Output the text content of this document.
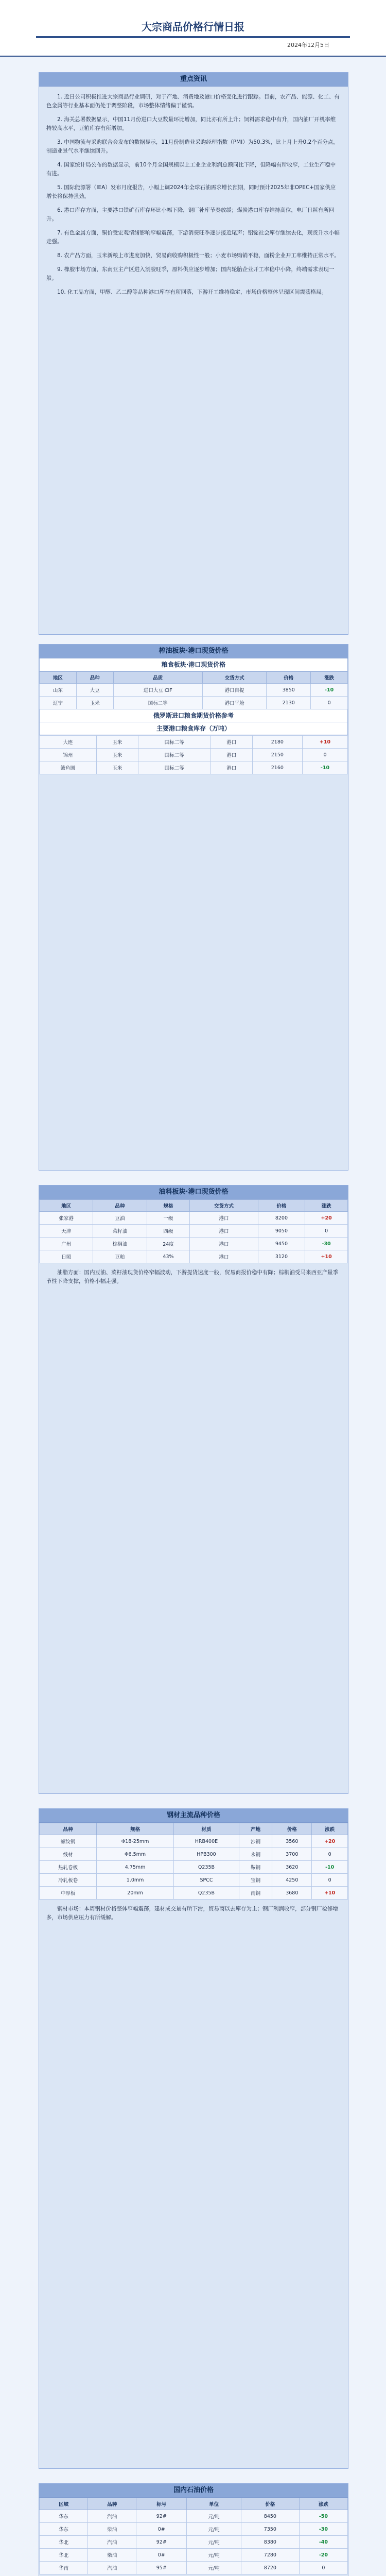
大宗商品价格行情日报
2024年12月5日
重点资讯

1. 近日公司积极推进大宗商品行业调研，对于产地、消费地及港口价格变化进行跟踪。目前，农产品、能源、化工、有色金属等行业基本面仍处于调整阶段，市场整体情绪偏于谨慎。

2. 海关总署数据显示，中国11月份进口大豆数量环比增加，同比亦有所上升；饲料需求稳中有升，国内油厂开机率维持较高水平，豆粕库存有所增加。

3. 中国物流与采购联合会发布的数据显示，11月份制造业采购经理指数（PMI）为50.3%，比上月上升0.2个百分点，制造业景气水平继续回升。

4. 国家统计局公布的数据显示，前10个月全国规模以上工业企业利润总额同比下降，但降幅有所收窄，工业生产稳中有进。

5. 国际能源署（IEA）发布月度报告，小幅上调2024年全球石油需求增长预期，同时预计2025年非OPEC+国家供应增长将保持强劲。

6. 港口库存方面，主要港口铁矿石库存环比小幅下降，钢厂补库节奏放缓；煤炭港口库存维持高位，电厂日耗有所回升。

7. 有色金属方面，铜价受宏观情绪影响窄幅震荡，下游消费旺季逐步接近尾声；铝锭社会库存继续去化，现货升水小幅走强。

8. 农产品方面，玉米新粮上市进度加快，贸易商收购积极性一般；小麦市场购销平稳，面粉企业开工率维持正常水平。

9. 橡胶市场方面，东南亚主产区进入割胶旺季，原料供应逐步增加；国内轮胎企业开工率稳中小降，终端需求表现一般。

10. 化工品方面，甲醇、乙二醇等品种港口库存有所回落，下游开工维持稳定，市场价格整体呈现区间震荡格局。

榨油板块·港口现货价格
粮食板块·港口现货价格
地区	品种	品质	交货方式	价格	涨跌
山东	大豆	进口大豆 CIF	港口自提	3850	-10
辽宁	玉米	国标二等	港口平舱	2130	0
俄罗斯进口粮食期货价格参考
主要港口粮食库存（万吨）
大连	玉米	国标二等	港口	2180	+10
锦州	玉米	国标二等	港口	2150	0
鲅鱼圈	玉米	国标二等	港口	2160	-10
油料板块·港口现货价格
地区	品种	规格	交货方式	价格	涨跌
张家港	豆油	一级	港口	8200	+20
天津	菜籽油	四级	港口	9050	0
广州	棕榈油	24度	港口	9450	-30
日照	豆粕	43%	港口	3120	+10

油脂方面：国内豆油、菜籽油现货价格窄幅波动，下游提货速度一般，贸易商报价稳中有降；棕榈油受马来西亚产量季节性下降支撑，价格小幅走强。

钢材主流品种价格
品种	规格	材质	产地	价格	涨跌
螺纹钢	Φ18-25mm	HRB400E	沙钢	3560	+20
线材	Φ6.5mm	HPB300	永钢	3700	0
热轧卷板	4.75mm	Q235B	鞍钢	3620	-10
冷轧板卷	1.0mm	SPCC	宝钢	4250	0
中厚板	20mm	Q235B	南钢	3680	+10

钢材市场：本周钢材价格整体窄幅震荡，建材成交量有所下滑，贸易商以去库存为主；钢厂利润收窄，部分钢厂检修增多，市场供应压力有所缓解。

国内石油价格
区域	品种	标号	单位	价格	涨跌
华东	汽油	92#	元/吨	8450	-50
华东	柴油	0#	元/吨	7350	-30
华北	汽油	92#	元/吨	8380	-40
华北	柴油	0#	元/吨	7280	-20
华南	汽油	95#	元/吨	8720	0
